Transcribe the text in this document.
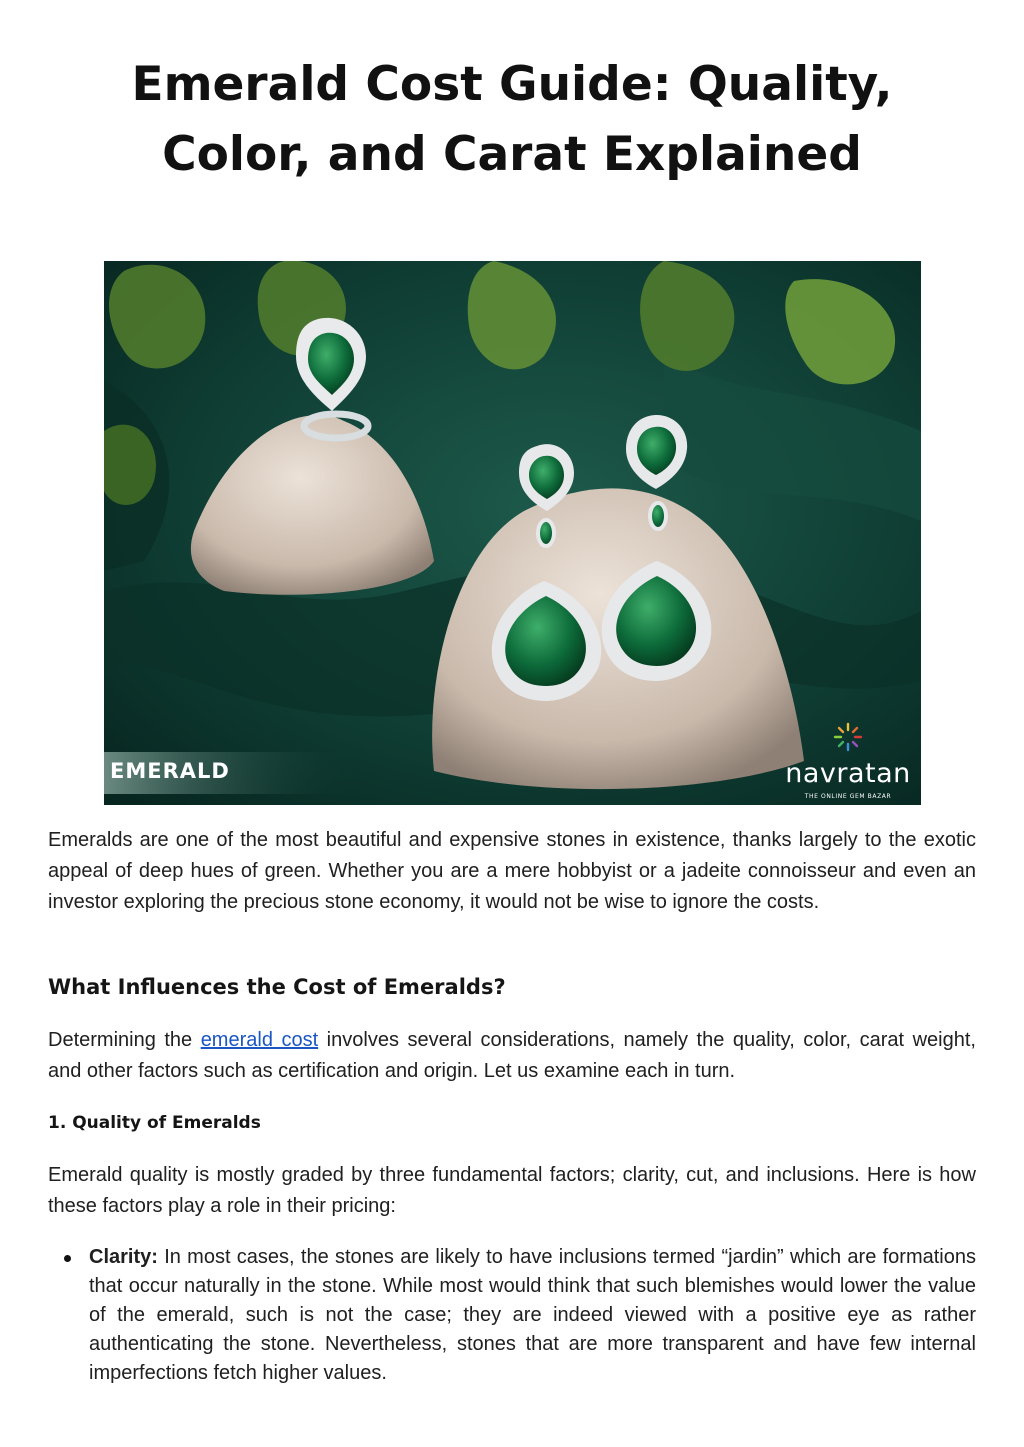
Emerald Cost Guide: Quality, Color, and Carat Explained
EMERALD	navratan
THE ONLINE GEM BAZAR

Emeralds are one of the most beautiful and expensive stones in existence, thanks largely to the exotic appeal of deep hues of green. Whether you are a mere hobbyist or a jadeite connoisseur and even an investor exploring the precious stone economy, it would not be wise to ignore the costs.

What Influences the Cost of Emeralds?

Determining the emerald cost involves several considerations, namely the quality, color, carat weight, and other factors such as certification and origin. Let us examine each in turn.

1. Quality of Emeralds

Emerald quality is mostly graded by three fundamental factors; clarity, cut, and inclusions. Here is how these factors play a role in their pricing:

Clarity: In most cases, the stones are likely to have inclusions termed “jardin” which are formations that occur naturally in the stone. While most would think that such blemishes would lower the value of the emerald, such is not the case; they are indeed viewed with a positive eye as rather authenticating the stone. Nevertheless, stones that are more transparent and have few internal imperfections fetch higher values.
